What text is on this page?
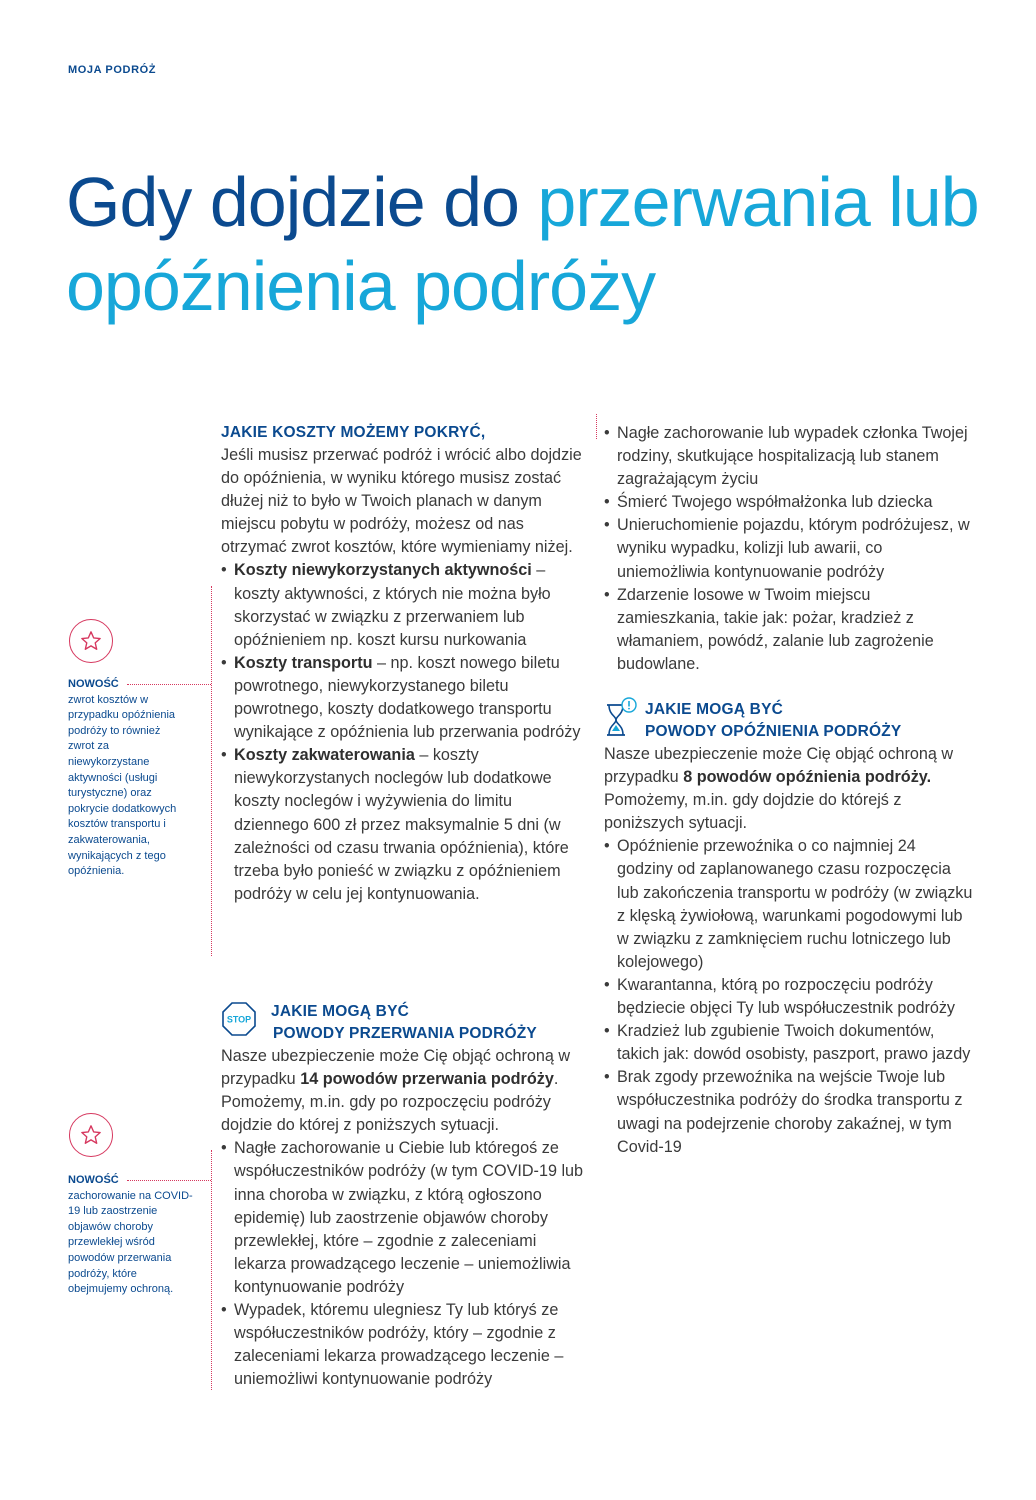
MOJA PODRÓŻ
Gdy dojdzie do przerwania lub opóźnienia podróży
NOWOŚĆ
zwrot kosztów w przypadku opóźnienia podróży to również zwrot za niewykorzystane aktywności (usługi turystyczne) oraz pokrycie dodatkowych kosztów transportu i zakwaterowania, wynikających z tego opóźnienia.
NOWOŚĆ
zachorowanie na COVID-19 lub zaostrzenie objawów choroby przewlekłej wśród powodów przerwania podróży, które obejmujemy ochroną.
JAKIE KOSZTY MOŻEMY POKRYĆ,

Jeśli musisz przerwać podróż i wrócić albo dojdzie do opóźnienia, w wyniku którego musisz zostać dłużej niż to było w Twoich planach w danym miejscu pobytu w podróży, możesz od nas otrzymać zwrot kosztów, które wymieniamy niżej.

• Koszty niewykorzystanych aktywności – koszty aktywności, z których nie można było skorzystać w związku z przerwaniem lub opóźnieniem np. koszt kursu nurkowania
• Koszty transportu – np. koszt nowego biletu powrotnego, niewykorzystanego biletu powrotnego, koszty dodatkowego transportu wynikające z opóźnienia lub przerwania podróży
• Koszty zakwaterowania – koszty niewykorzystanych noclegów lub dodatkowe koszty noclegów i wyżywienia do limitu dziennego 600 zł przez maksymalnie 5 dni (w zależności od czasu trwania opóźnienia), które trzeba było ponieść w związku z opóźnieniem podróży w celu jej kontynuowania.
STOP	JAKIE MOGĄ BYĆ
POWODY PRZERWANIA PODRÓŻY

Nasze ubezpieczenie może Cię objąć ochroną w przypadku 14 powodów przerwania podróży. Pomożemy, m.in. gdy po rozpoczęciu podróży dojdzie do której z poniższych sytuacji.

• Nagłe zachorowanie u Ciebie lub któregoś ze współuczestników podróży (w tym COVID-19 lub inna choroba w związku, z którą ogłoszono epidemię) lub zaostrzenie objawów choroby przewlekłej, które – zgodnie z zaleceniami lekarza prowadzącego leczenie – uniemożliwia kontynuowanie podróży
• Wypadek, któremu ulegniesz Ty lub któryś ze współuczestników podróży, który – zgodnie z zaleceniami lekarza prowadzącego leczenie – uniemożliwi kontynuowanie podróży
• Nagłe zachorowanie lub wypadek członka Twojej rodziny, skutkujące hospitalizacją lub stanem zagrażającym życiu
• Śmierć Twojego współmałżonka lub dziecka
• Unieruchomienie pojazdu, którym podróżujesz, w wyniku wypadku, kolizji lub awarii, co uniemożliwia kontynuowanie podróży
• Zdarzenie losowe w Twoim miejscu zamieszkania, takie jak: pożar, kradzież z włamaniem, powódź, zalanie lub zagrożenie budowlane.
JAKIE MOGĄ BYĆ
POWODY OPÓŹNIENIA PODRÓŻY

Nasze ubezpieczenie może Cię objąć ochroną w przypadku 8 powodów opóźnienia podróży. Pomożemy, m.in. gdy dojdzie do którejś z poniższych sytuacji.

• Opóźnienie przewoźnika o co najmniej 24 godziny od zaplanowanego czasu rozpoczęcia lub zakończenia transportu w podróży (w związku z klęską żywiołową, warunkami pogodowymi lub w związku z zamknięciem ruchu lotniczego lub kolejowego)
• Kwarantanna, którą po rozpoczęciu podróży będziecie objęci Ty lub współuczestnik podróży
• Kradzież lub zgubienie Twoich dokumentów, takich jak: dowód osobisty, paszport, prawo jazdy
• Brak zgody przewoźnika na wejście Twoje lub współuczestnika podróży do środka transportu z uwagi na podejrzenie choroby zakaźnej, w tym Covid-19
